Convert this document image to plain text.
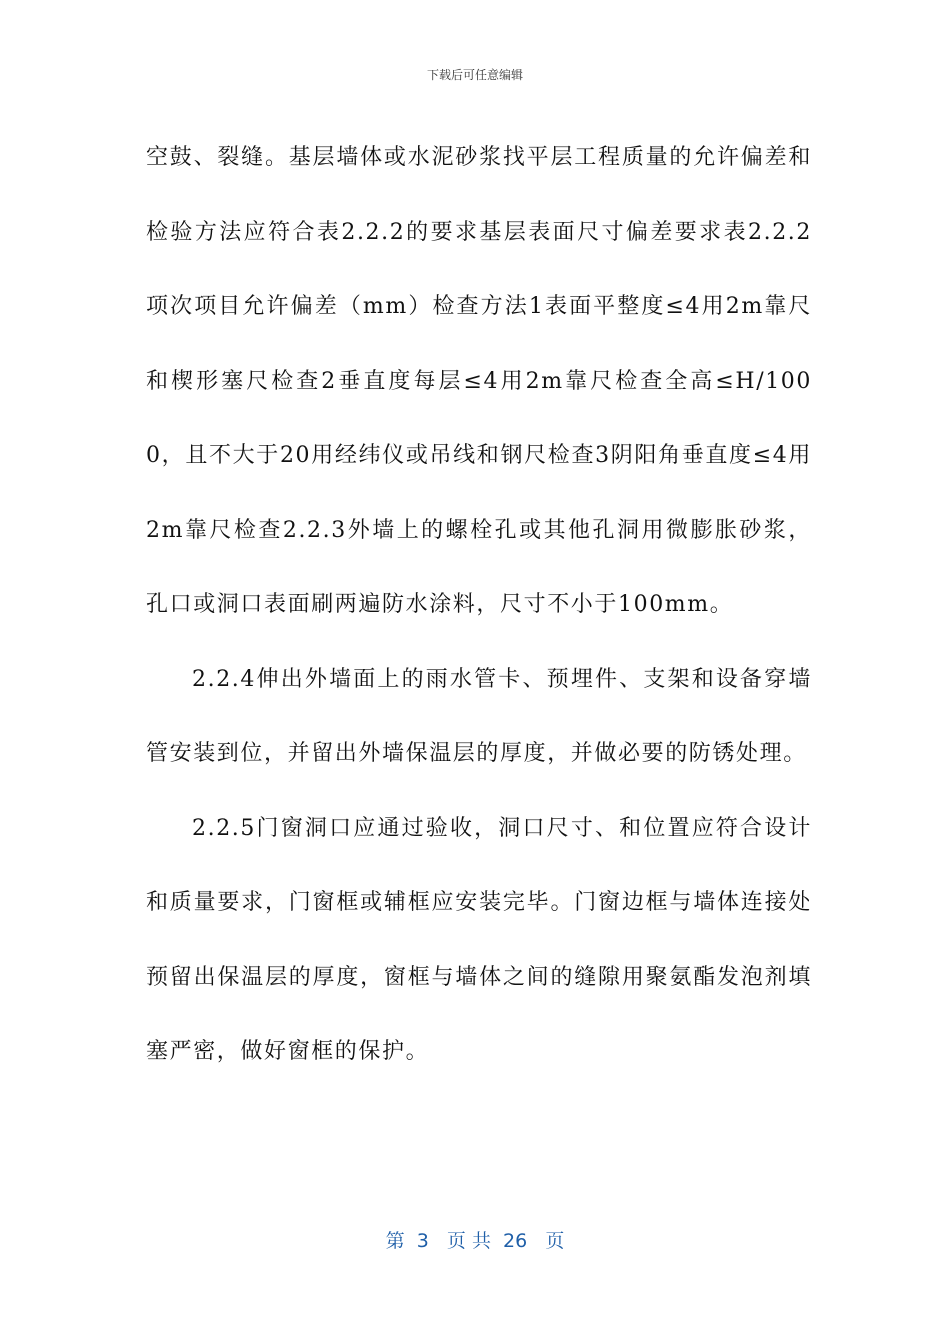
下载后可任意编辑

空鼓、裂缝。基层墙体或水泥砂浆找平层工程质量的允许偏差和检验方法应符合表2.2.2的要求基层表面尺寸偏差要求表2.2.2项次项目允许偏差（mm）检查方法1表面平整度≤4用2m靠尺和楔形塞尺检查2垂直度每层≤4用2m靠尺检查全高≤H/1000，且不大于20用经纬仪或吊线和钢尺检查3阴阳角垂直度≤4用2m靠尺检查2.2.3外墙上的螺栓孔或其他孔洞用微膨胀砂浆，孔口或洞口表面刷两遍防水涂料，尺寸不小于100mm。

2.2.4伸出外墙面上的雨水管卡、预埋件、支架和设备穿墙管安装到位，并留出外墙保温层的厚度，并做必要的防锈处理。

2.2.5门窗洞口应通过验收，洞口尺寸、和位置应符合设计和质量要求，门窗框或辅框应安装完毕。门窗边框与墙体连接处预留出保温层的厚度，窗框与墙体之间的缝隙用聚氨酯发泡剂填塞严密，做好窗框的保护。

第  3   页 共  26   页
